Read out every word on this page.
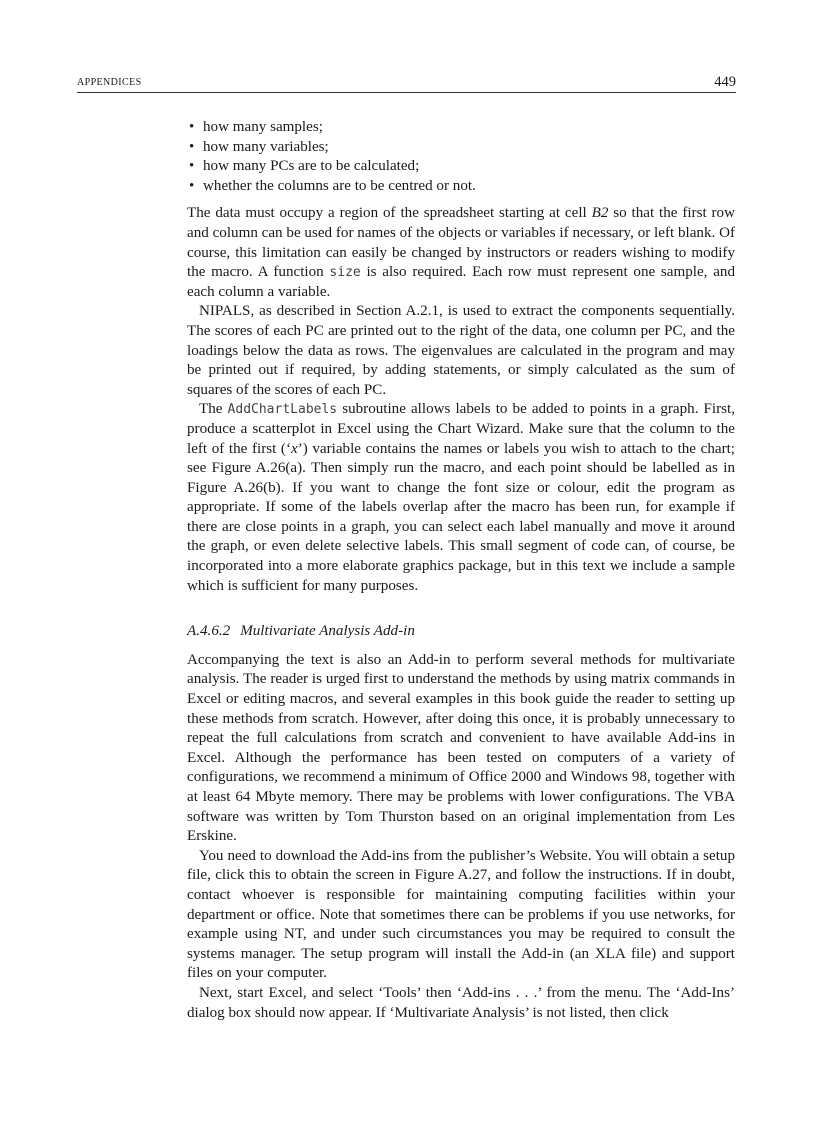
APPENDICES	449
• how many samples;
• how many variables;
• how many PCs are to be calculated;
• whether the columns are to be centred or not.

The data must occupy a region of the spreadsheet starting at cell B2 so that the first row and column can be used for names of the objects or variables if necessary, or left blank. Of course, this limitation can easily be changed by instructors or readers wishing to modify the macro. A function size is also required. Each row must represent one sample, and each column a variable.

NIPALS, as described in Section A.2.1, is used to extract the components sequentially. The scores of each PC are printed out to the right of the data, one column per PC, and the loadings below the data as rows. The eigenvalues are calculated in the program and may be printed out if required, by adding statements, or simply calculated as the sum of squares of the scores of each PC.

The AddChartLabels subroutine allows labels to be added to points in a graph. First, produce a scatterplot in Excel using the Chart Wizard. Make sure that the column to the left of the first (‘x’) variable contains the names or labels you wish to attach to the chart; see Figure A.26(a). Then simply run the macro, and each point should be labelled as in Figure A.26(b). If you want to change the font size or colour, edit the program as appropriate. If some of the labels overlap after the macro has been run, for example if there are close points in a graph, you can select each label manually and move it around the graph, or even delete selective labels. This small segment of code can, of course, be incorporated into a more elaborate graphics package, but in this text we include a sample which is sufficient for many purposes.

A.4.6.2 Multivariate Analysis Add-in

Accompanying the text is also an Add-in to perform several methods for multivariate analysis. The reader is urged first to understand the methods by using matrix commands in Excel or editing macros, and several examples in this book guide the reader to setting up these methods from scratch. However, after doing this once, it is probably unnecessary to repeat the full calculations from scratch and convenient to have available Add-ins in Excel. Although the performance has been tested on computers of a variety of configurations, we recommend a minimum of Office 2000 and Windows 98, together with at least 64 Mbyte memory. There may be problems with lower configurations. The VBA software was written by Tom Thurston based on an original implementation from Les Erskine.

You need to download the Add-ins from the publisher’s Website. You will obtain a setup file, click this to obtain the screen in Figure A.27, and follow the instructions. If in doubt, contact whoever is responsible for maintaining computing facilities within your department or office. Note that sometimes there can be problems if you use networks, for example using NT, and under such circumstances you may be required to consult the systems manager. The setup program will install the Add-in (an XLA file) and support files on your computer.

Next, start Excel, and select ‘Tools’ then ‘Add-ins . . .’ from the menu. The ‘Add-Ins’ dialog box should now appear. If ‘Multivariate Analysis’ is not listed, then click
